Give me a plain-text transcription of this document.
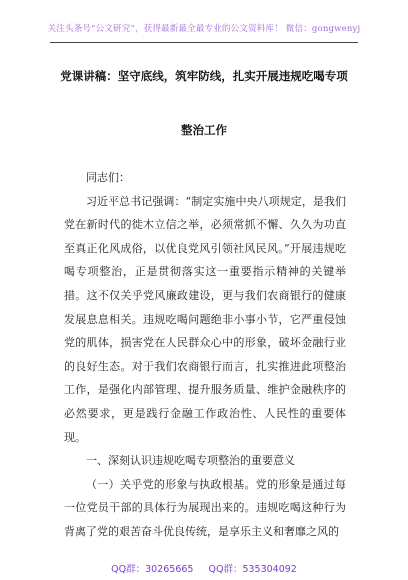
关注头条号“公文研究”，获得最新最全最专业的公文资料库！ 微信：gongwenyj
党课讲稿：坚守底线，筑牢防线，扎实开展违规吃喝专项
整治工作

同志们：

习近平总书记强调：“制定实施中央八项规定，是我们党在新时代的徙木立信之举，必须常抓不懈、久久为功直至真正化风成俗，以优良党风引领社风民风。”开展违规吃喝专项整治，正是贯彻落实这一重要指示精神的关键举措。这不仅关乎党风廉政建设，更与我们农商银行的健康发展息息相关。违规吃喝问题绝非小事小节，它严重侵蚀党的肌体，损害党在人民群众心中的形象，破坏金融行业的良好生态。对于我们农商银行而言，扎实推进此项整治工作，是强化内部管理、提升服务质量、维护金融秩序的必然要求，更是践行金融工作政治性、人民性的重要体现。

一、深刻认识违规吃喝专项整治的重要意义

（一）关乎党的形象与执政根基。党的形象是通过每一位党员干部的具体行为展现出来的。违规吃喝这种行为背离了党的艰苦奋斗优良传统，是享乐主义和奢靡之风的

QQ群：30265665 QQ群：535304092
